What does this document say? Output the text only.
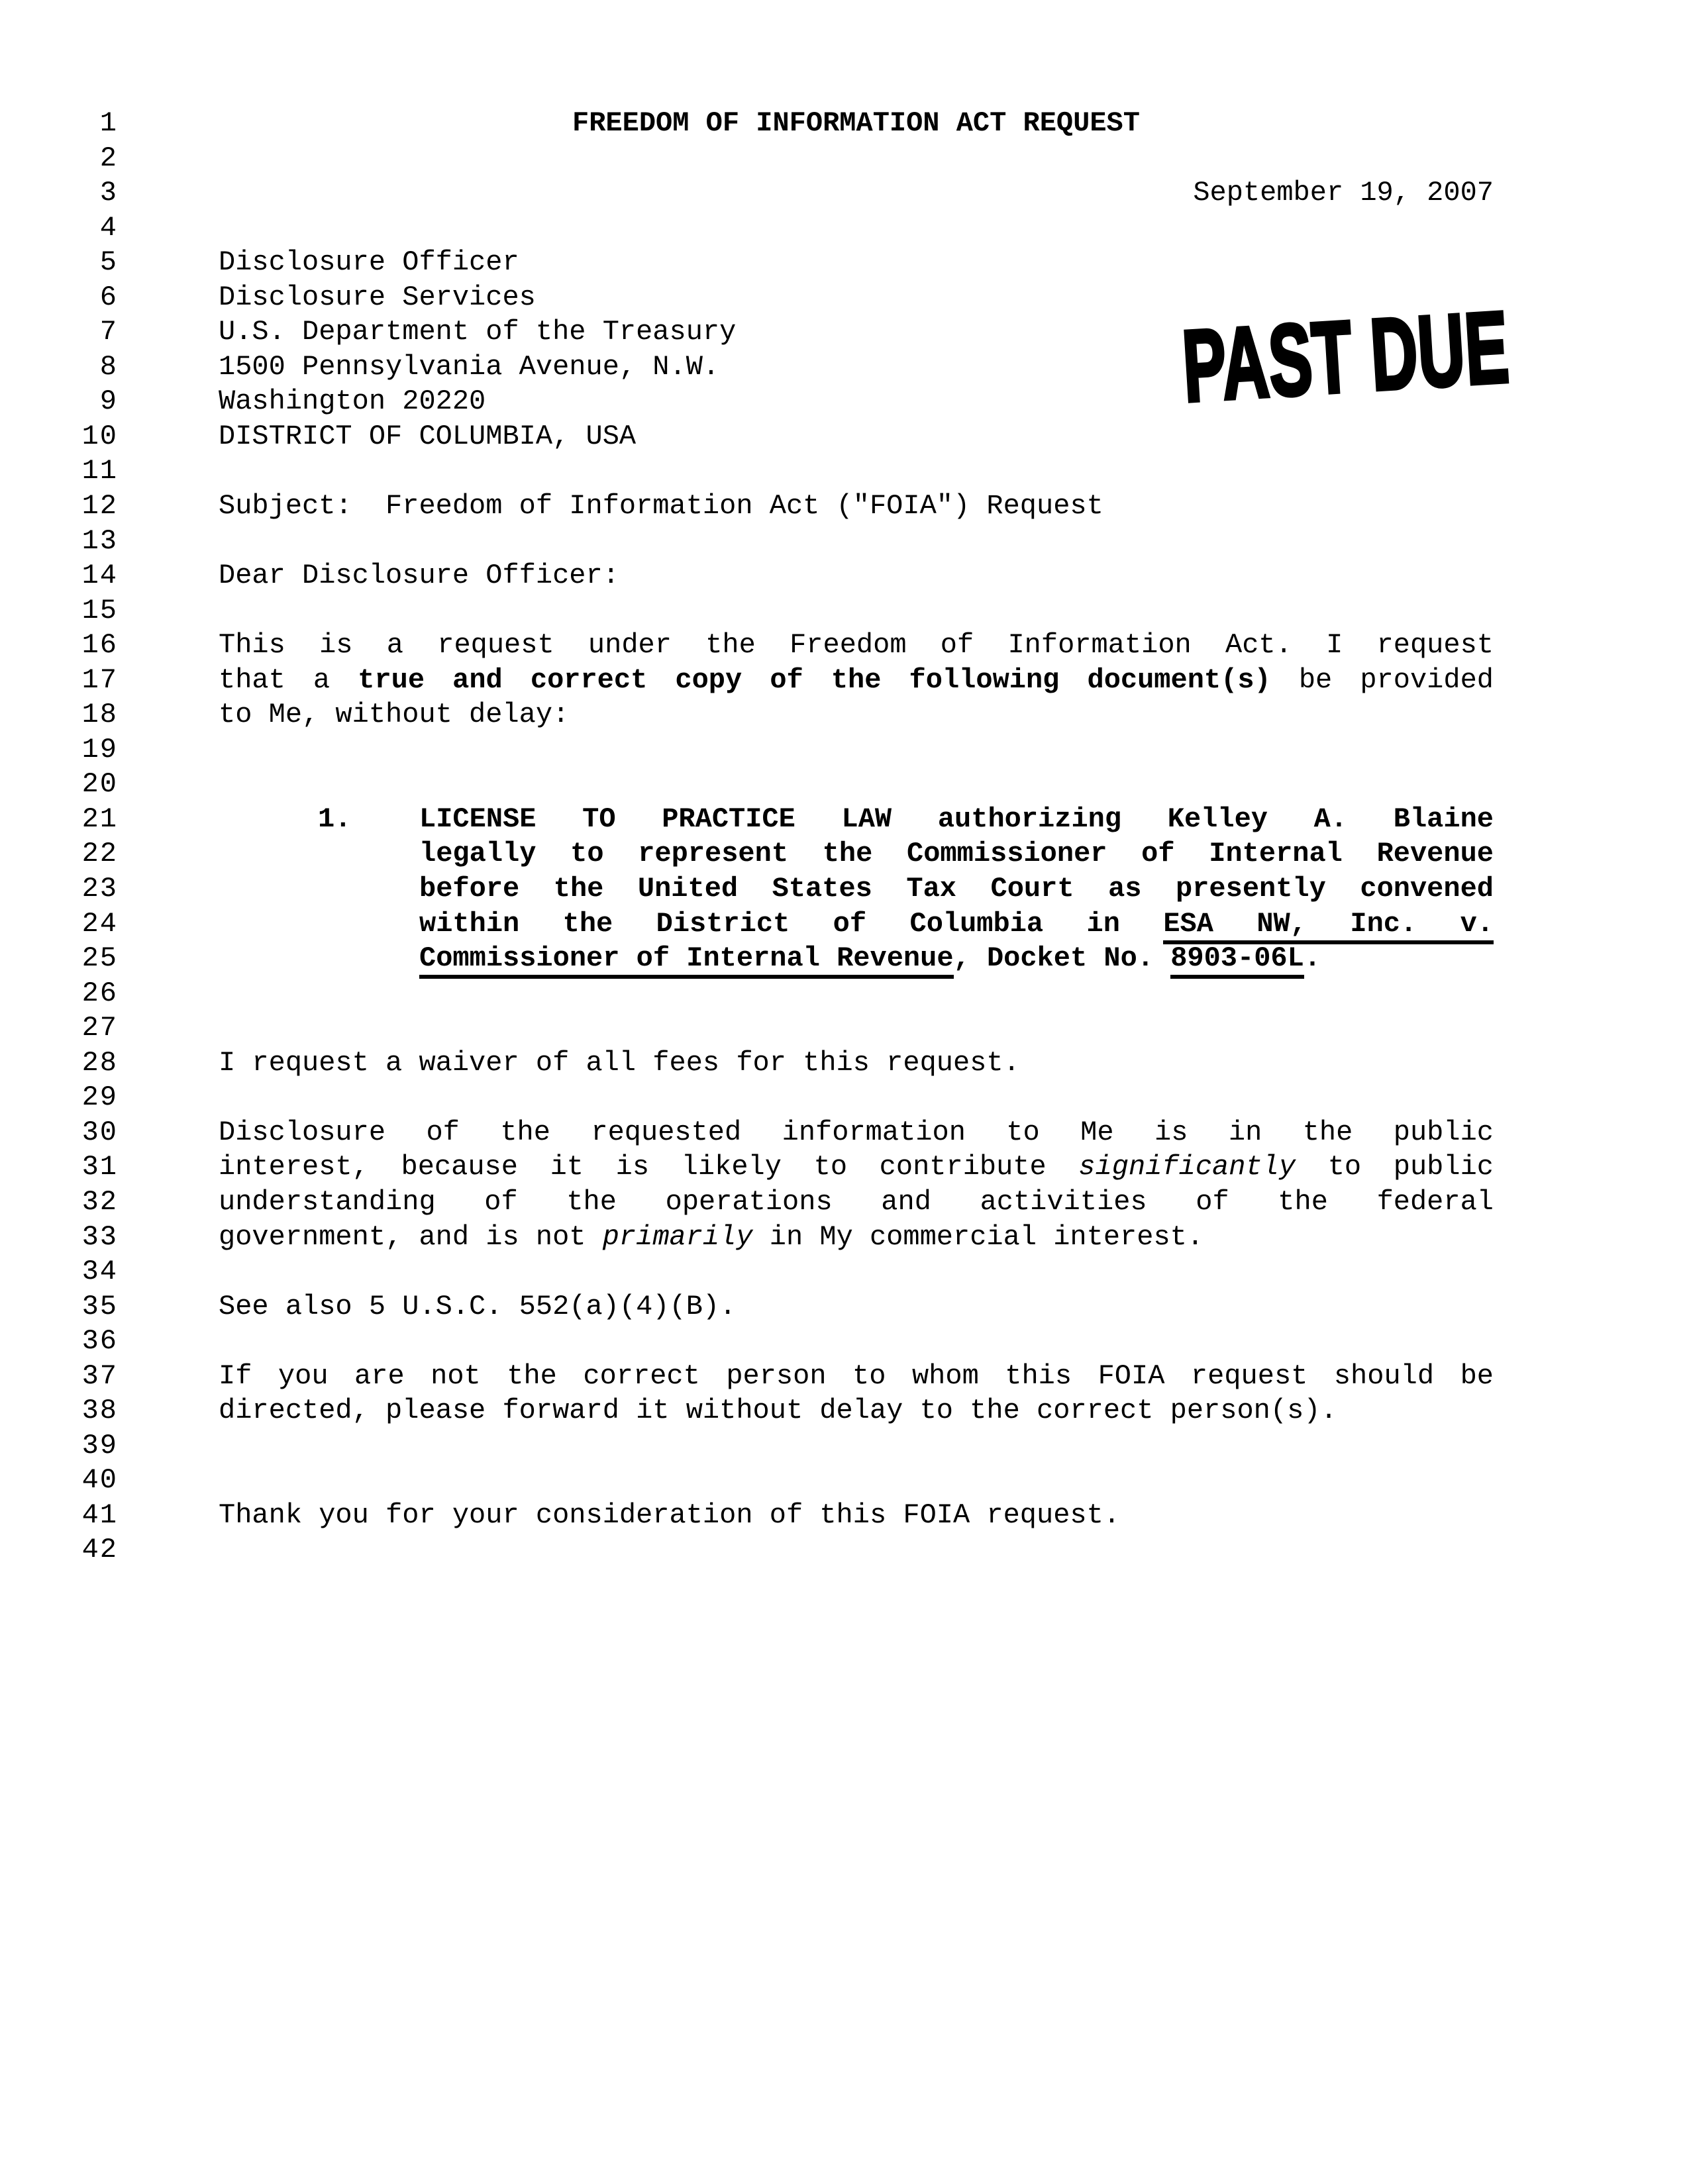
PAST DUE
1	FREEDOM OF INFORMATION ACT REQUEST
2
3	September 19, 2007
4
5	Disclosure Officer
6	Disclosure Services
7	U.S. Department of the Treasury
8	1500 Pennsylvania Avenue, N.W.
9	Washington 20220
10	DISTRICT OF COLUMBIA, USA
11
12	Subject:  Freedom of Information Act ("FOIA") Request
13
14	Dear Disclosure Officer:
15
16	This is a request under the Freedom of Information Act. I request
17	that a true and correct copy of the following document(s) be provided
18	to Me, without delay:
19
20
21	1. LICENSE TO PRACTICE LAW authorizing Kelley A. Blaine
22	legally to represent the Commissioner of Internal Revenue
23	before the United States Tax Court as presently convened
24	within the District of Columbia in ESA NW, Inc. v.
25	Commissioner of Internal Revenue, Docket No. 8903-06L.
26
27
28	I request a waiver of all fees for this request.
29
30	Disclosure of the requested information to Me is in the public
31	interest, because it is likely to contribute significantly to public
32	understanding of the operations and activities of the federal
33	government, and is not primarily in My commercial interest.
34
35	See also 5 U.S.C. 552(a)(4)(B).
36
37	If you are not the correct person to whom this FOIA request should be
38	directed, please forward it without delay to the correct person(s).
39
40
41	Thank you for your consideration of this FOIA request.
42
